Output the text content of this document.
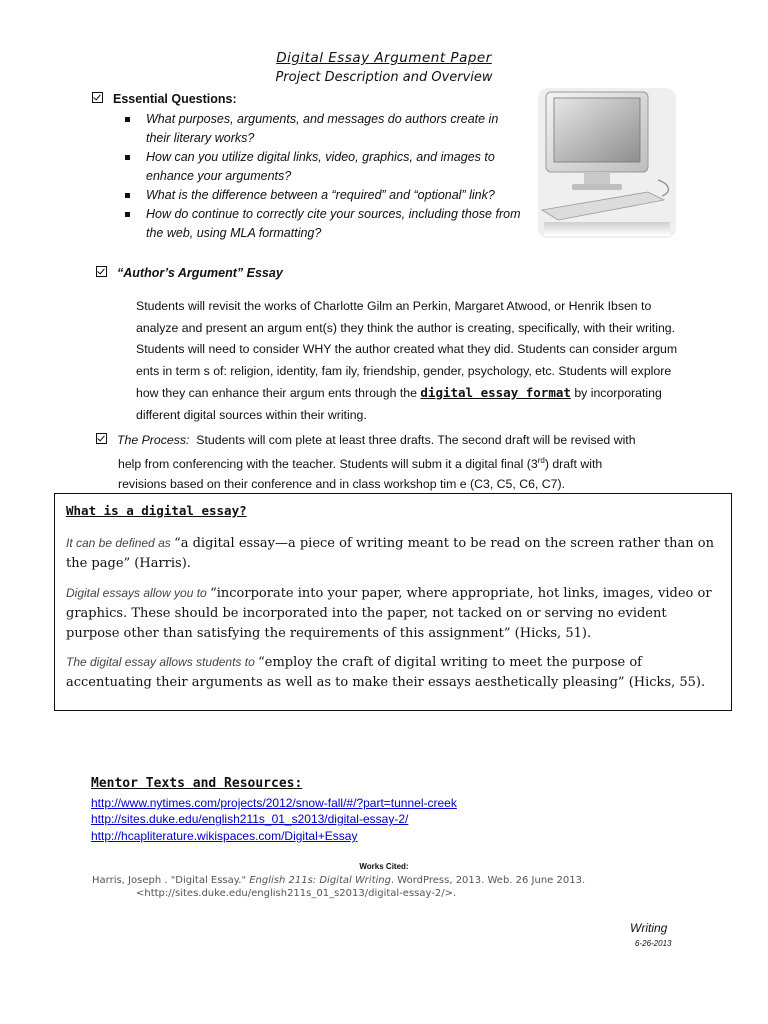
Digital Essay Argument Paper
Project Description and Overview
Essential Questions:
What purposes, arguments, and messages do authors create in their literary works?
How can you utilize digital links, video, graphics, and images to enhance your arguments?
What is the difference between a “required” and “optional” link?
How do continue to correctly cite your sources, including those from the web, using MLA formatting?
“Author’s Argument” Essay
Students will revisit the works of Charlotte Gilm an Perkin, Margaret Atwood, or Henrik Ibsen to analyze and present an argum ent(s) they think the author is creating, specifically, with their writing. Students will need to consider WHY the author created what they did. Students can consider argum ents in term s of: religion, identity, fam ily, friendship, gender, psychology, etc. Students will explore how they can enhance their argum ents through the digital essay format by incorporating different digital sources within their writing.
The Process: Students will com plete at least three drafts. The second draft will be revised with
help from conferencing with the teacher. Students will subm it a digital final (3rd) draft with
revisions based on their conference and in class workshop tim e (C3, C5, C6, C7).
What is a digital essay?
It can be defined as “a digital essay—a piece of writing meant to be read on the screen rather than on the page” (Harris).
Digital essays allow you to “incorporate into your paper, where appropriate, hot links, images, video or graphics. These should be incorporated into the paper, not tacked on or serving no evident purpose other than satisfying the requirements of this assignment” (Hicks, 51).
The digital essay allows students to “employ the craft of digital writing to meet the purpose of accentuating their arguments as well as to make their essays aesthetically pleasing” (Hicks, 55).
Mentor Texts and Resources:
http://www.nytimes.com/projects/2012/snow-fall/#/?part=tunnel-creek
http://sites.duke.edu/english211s_01_s2013/digital-essay-2/
http://hcapliterature.wikispaces.com/Digital+Essay
Works Cited:
Harris, Joseph . "Digital Essay." English 211s: Digital Writing. WordPress, 2013. Web. 26 June 2013.
<http://sites.duke.edu/english211s_01_s2013/digital-essay-2/>.
Writing
6-26-2013
